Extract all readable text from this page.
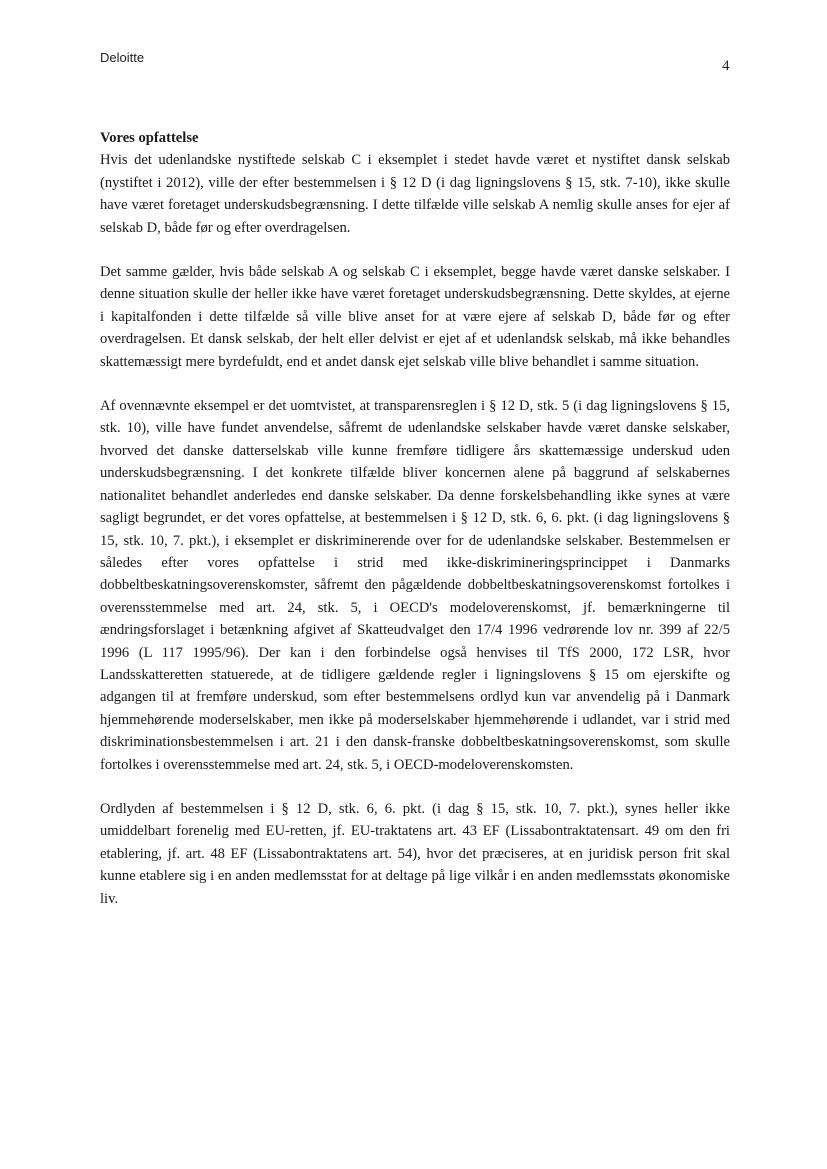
Deloitte
4

Vores opfattelse

Hvis det udenlandske nystiftede selskab C i eksemplet i stedet havde været et nystiftet dansk selskab (nystiftet i 2012), ville der efter bestemmelsen i § 12 D (i dag ligningslovens § 15, stk. 7-10), ikke skulle have været foretaget underskudsbegrænsning. I dette tilfælde ville selskab A nemlig skulle anses for ejer af selskab D, både før og efter overdragelsen.

Det samme gælder, hvis både selskab A og selskab C i eksemplet, begge havde været danske selskaber. I denne situation skulle der heller ikke have været foretaget underskudsbegrænsning. Dette skyldes, at ejerne i kapitalfonden i dette tilfælde så ville blive anset for at være ejere af selskab D, både før og efter overdragelsen. Et dansk selskab, der helt eller delvist er ejet af et udenlandsk selskab, må ikke behandles skattemæssigt mere byrdefuldt, end et andet dansk ejet selskab ville blive behandlet i samme situation.

Af ovennævnte eksempel er det uomtvistet, at transparensreglen i § 12 D, stk. 5 (i dag ligningslovens § 15, stk. 10), ville have fundet anvendelse, såfremt de udenlandske selskaber havde været danske selskaber, hvorved det danske datterselskab ville kunne fremføre tidligere års skattemæssige underskud uden underskudsbegrænsning. I det konkrete tilfælde bliver koncernen alene på baggrund af selskabernes nationalitet behandlet anderledes end danske selskaber. Da denne forskelsbehandling ikke synes at være sagligt begrundet, er det vores opfattelse, at bestemmelsen i § 12 D, stk. 6, 6. pkt. (i dag ligningslovens § 15, stk. 10, 7. pkt.), i eksemplet er diskriminerende over for de udenlandske selskaber. Bestemmelsen er således efter vores opfattelse i strid med ikke-diskrimineringsprincippet i Danmarks dobbeltbeskatningsoverenskomster, såfremt den pågældende dobbeltbeskatningsoverenskomst fortolkes i overensstemmelse med art. 24, stk. 5, i OECD's modeloverenskomst, jf. bemærkningerne til ændringsforslaget i betænkning afgivet af Skatteudvalget den 17/4 1996 vedrørende lov nr. 399 af 22/5 1996 (L 117 1995/96). Der kan i den forbindelse også henvises til TfS 2000, 172 LSR, hvor Landsskatteretten statuerede, at de tidligere gældende regler i ligningslovens § 15 om ejerskifte og adgangen til at fremføre underskud, som efter bestemmelsens ordlyd kun var anvendelig på i Danmark hjemmehørende moderselskaber, men ikke på moderselskaber hjemmehørende i udlandet, var i strid med diskriminationsbestemmelsen i art. 21 i den dansk-franske dobbeltbeskatningsoverenskomst, som skulle fortolkes i overensstemmelse med art. 24, stk. 5, i OECD-modeloverenskomsten.

Ordlyden af bestemmelsen i § 12 D, stk. 6, 6. pkt. (i dag § 15, stk. 10, 7. pkt.), synes heller ikke umiddelbart forenelig med EU-retten, jf. EU-traktatens art. 43 EF (Lissabontraktatensart. 49 om den fri etablering, jf. art. 48 EF (Lissabontraktatens art. 54), hvor det præciseres, at en juridisk person frit skal kunne etablere sig i en anden medlemsstat for at deltage på lige vilkår i en anden medlemsstats økonomiske liv.
